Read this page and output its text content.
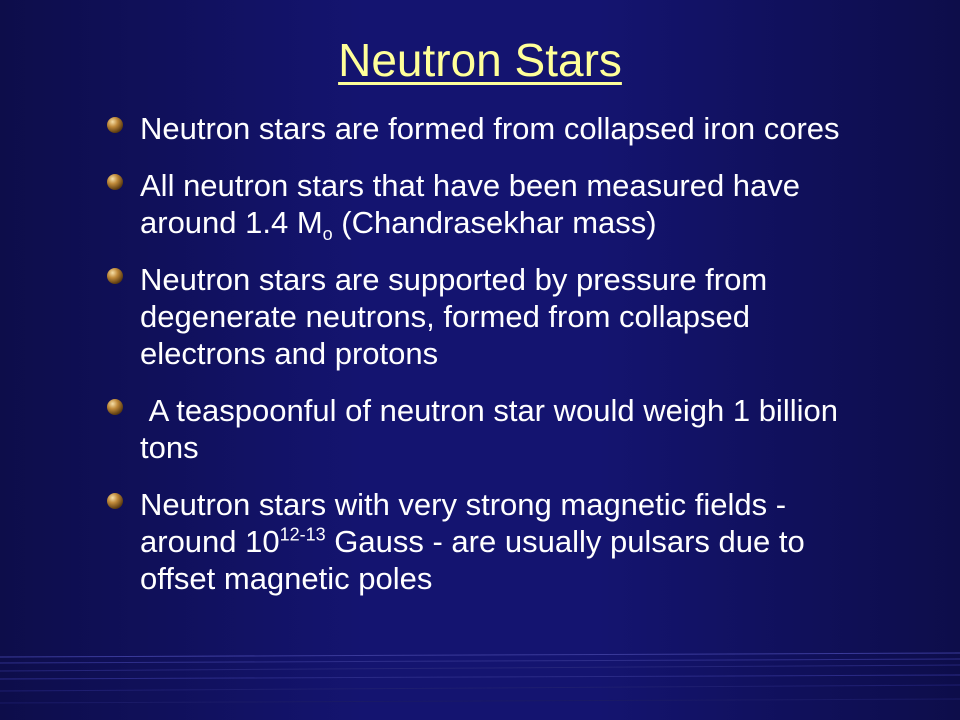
Neutron Stars
Neutron stars are formed from collapsed iron cores
All neutron stars that have been measured have around 1.4 $M_o$ (Chandrasekhar mass)
Neutron stars are supported by pressure from degenerate neutrons, formed from collapsed electrons and protons
A teaspoonful of neutron star would weigh 1 billion tons
Neutron stars with very strong magnetic fields - around 10$^{12-13}$ Gauss - are usually pulsars due to offset magnetic poles
